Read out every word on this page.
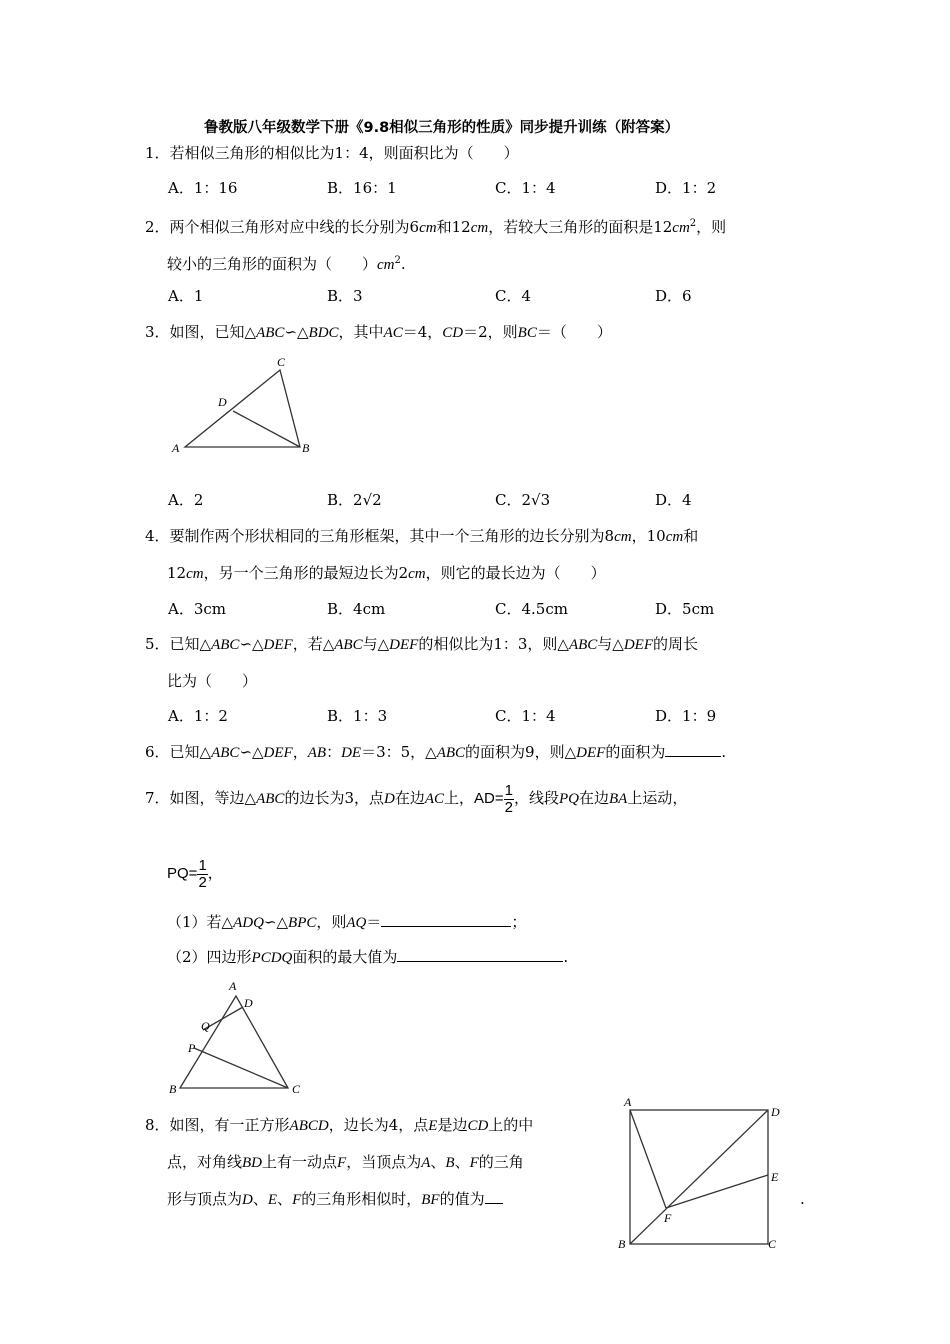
鲁教版八年级数学下册《9.8相似三角形的性质》同步提升训练（附答案）
1．若相似三角形的相似比为1：4，则面积比为（　　）
A．1：16	B．16：1	C．1：4	D．1：2
2．两个相似三角形对应中线的长分别为6cm和12cm，若较大三角形的面积是$12cm^2$，则
较小的三角形的面积为（　　）$cm^2$.
A．1	B．3	C．4	D．6
3．如图，已知△ABC∽△BDC，其中AC＝4，CD＝2，则BC＝（　　）
A．2	B．2√2	C．2√3	D．4
4．要制作两个形状相同的三角形框架，其中一个三角形的边长分别为8cm，10cm和
12cm，另一个三角形的最短边长为2cm，则它的最长边为（　　）
A．3cm	B．4cm	C．4.5cm	D．5cm
5．已知△ABC∽△DEF，若△ABC与△DEF的相似比为1：3，则△ABC与△DEF的周长
比为（　　）
A．1：2	B．1：3	C．1：4	D．1：9
6．已知△ABC∽△DEF，AB：DE＝3：5，△ABC的面积为9，则△DEF的面积为	.
7．如图，等边△ABC的边长为3，点D在边AC上，$AD= \frac{1}{2}$ ，线段PQ在边BA上运动，
$PQ= \frac{1}{2}$ ，
（1）若△ADQ∽△BPC，则AQ＝	；
（2）四边形PCDQ面积的最大值为	.
8．如图，有一正方形ABCD，边长为4，点E是边CD上的中
点，对角线BD上有一动点F，当顶点为A、B、F的三角
形与顶点为D、E、F的三角形相似时，BF的值为	.
A	B
C
D
A
D
Q
P
B	C
A
D
E
F
B	C
